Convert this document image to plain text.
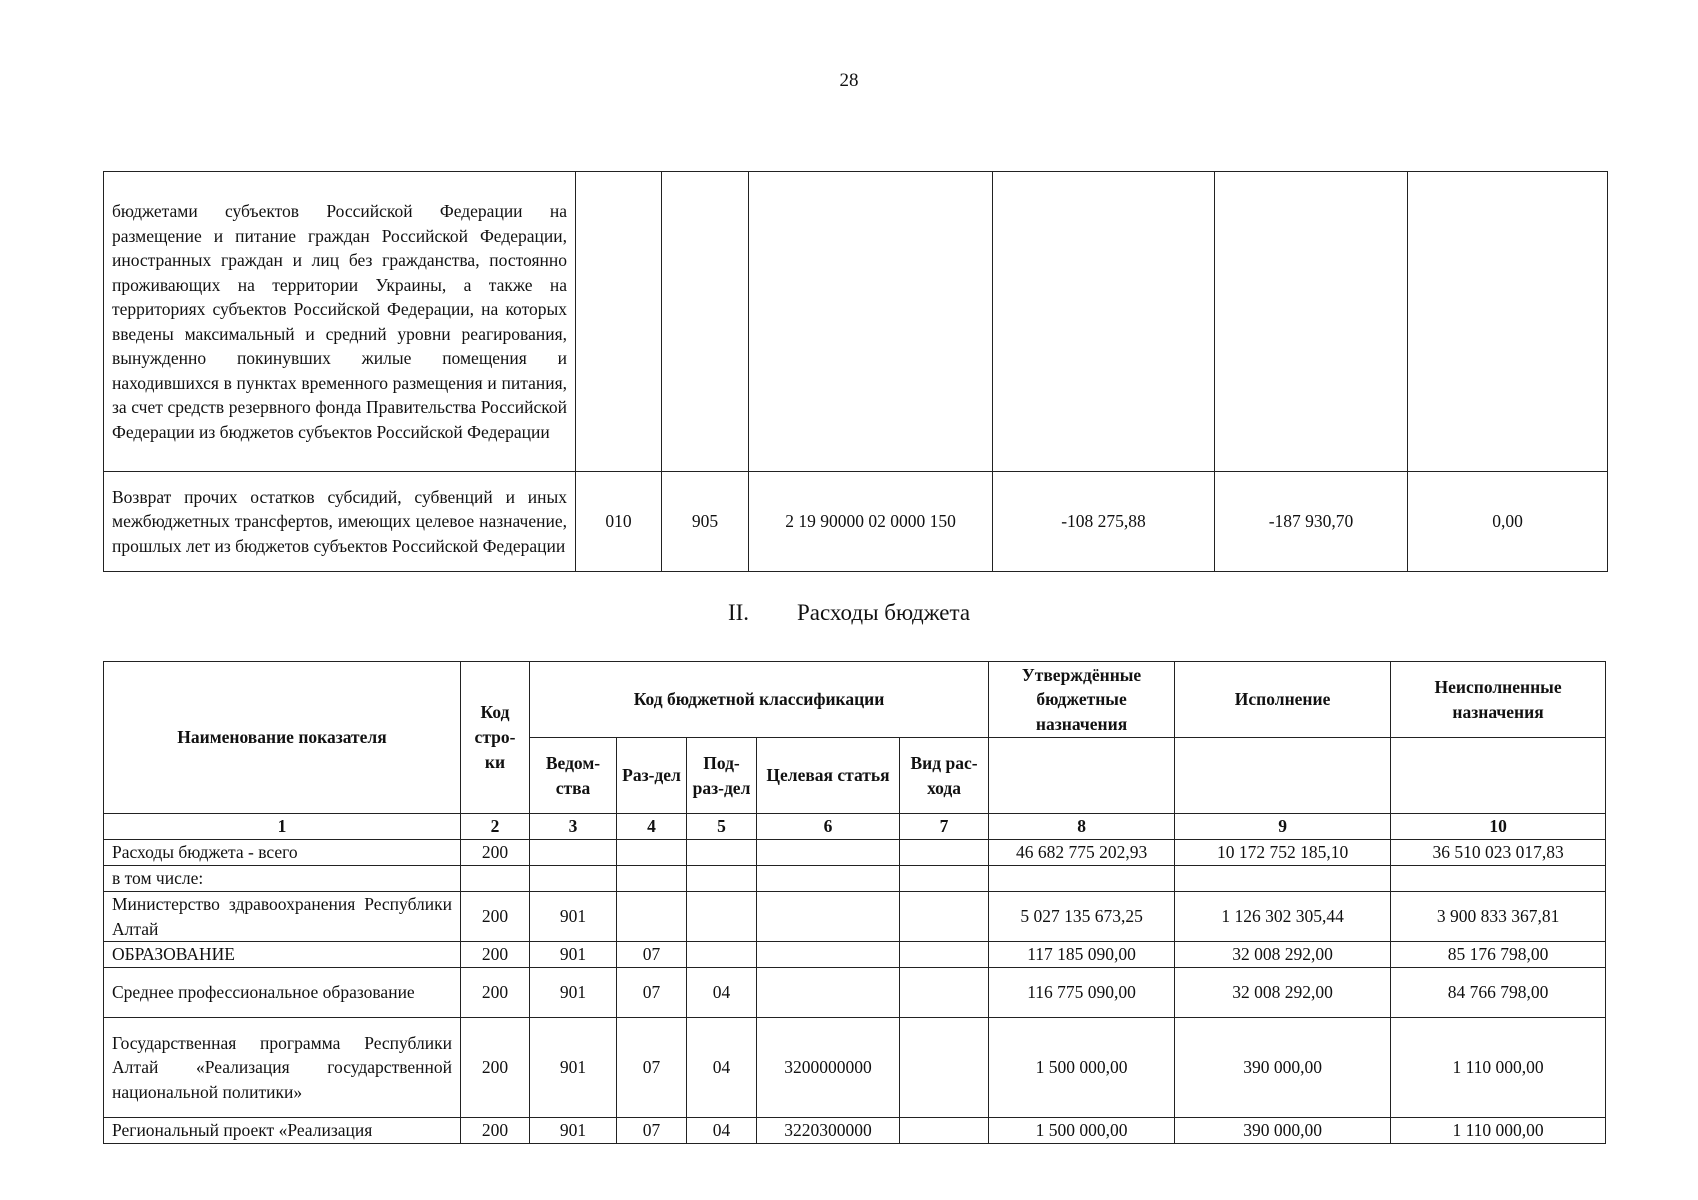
28
бюджетами субъектов Российской Федерации на размещение и питание граждан Российской Федерации, иностранных граждан и лиц без гражданства, постоянно проживающих на территории Украины, а также на территориях субъектов Российской Федерации, на которых введены максимальный и средний уровни реагирования, вынужденно покинувших жилые помещения и находившихся в пунктах временного размещения и питания, за счет средств резервного фонда Правительства Российской Федерации из бюджетов субъектов Российской Федерации						
Возврат прочих остатков субсидий, субвенций и иных межбюджетных трансфертов, имеющих целевое назначение, прошлых лет из бюджетов субъектов Российской Федерации	010	905	2 19 90000 02 0000 150	-108 275,88	-187 930,70	0,00
II. Расходы бюджета
Наименование показателя	Код стро-ки	Код бюджетной классификации					Утверждённые бюджетные назначения	Исполнение	Неисполненные назначения
		Ведом-ства	Раз-дел	Под-раз-дел	Целевая статья	Вид рас-хода			
1	2	3	4	5	6	7	8	9	10
Расходы бюджета - всего	200						46 682 775 202,93	10 172 752 185,10	36 510 023 017,83
в том числе:									
Министерство здравоохранения Республики Алтай	200	901					5 027 135 673,25	1 126 302 305,44	3 900 833 367,81
ОБРАЗОВАНИЕ	200	901	07				117 185 090,00	32 008 292,00	85 176 798,00
Среднее профессиональное образование	200	901	07	04			116 775 090,00	32 008 292,00	84 766 798,00
Государственная программа Республики Алтай «Реализация государственной национальной политики»	200	901	07	04	3200000000		1 500 000,00	390 000,00	1 110 000,00
Региональный проект «Реализация	200	901	07	04	3220300000		1 500 000,00	390 000,00	1 110 000,00
